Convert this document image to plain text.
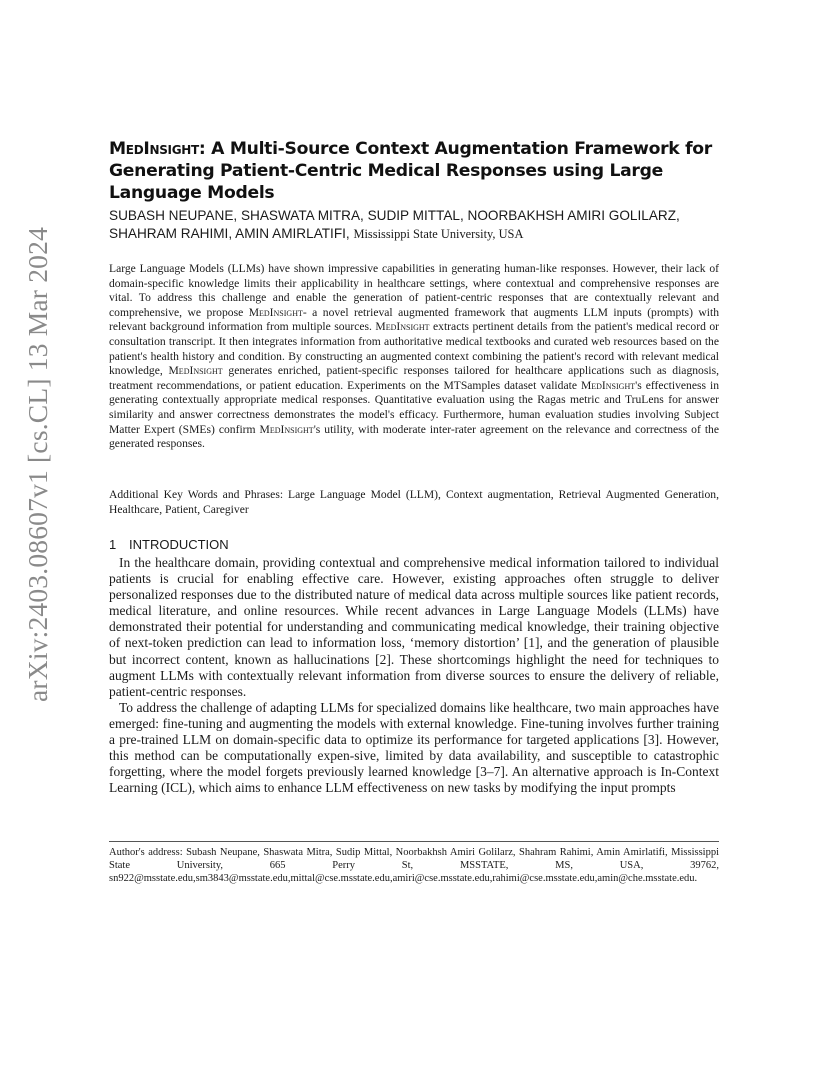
arXiv:2403.08607v1 [cs.CL] 13 Mar 2024
MedInsight: A Multi-Source Context Augmentation Framework for Generating Patient-Centric Medical Responses using Large Language Models
SUBASH NEUPANE, SHASWATA MITRA, SUDIP MITTAL, NOORBAKHSH AMIRI GOLILARZ, SHAHRAM RAHIMI, AMIN AMIRLATIFI, Mississippi State University, USA
Large Language Models (LLMs) have shown impressive capabilities in generating human-like responses. However, their lack of domain-specific knowledge limits their applicability in healthcare settings, where contextual and comprehensive responses are vital. To address this challenge and enable the generation of patient-centric responses that are contextually relevant and comprehensive, we propose MedInsight- a novel retrieval augmented framework that augments LLM inputs (prompts) with relevant background information from multiple sources. MedInsight extracts pertinent details from the patient's medical record or consultation transcript. It then integrates information from authoritative medical textbooks and curated web resources based on the patient's health history and condition. By constructing an augmented context combining the patient's record with relevant medical knowledge, MedInsight generates enriched, patient-specific responses tailored for healthcare applications such as diagnosis, treatment recommendations, or patient education. Experiments on the MTSamples dataset validate MedInsight's effectiveness in generating contextually appropriate medical responses. Quantitative evaluation using the Ragas metric and TruLens for answer similarity and answer correctness demonstrates the model's efficacy. Furthermore, human evaluation studies involving Subject Matter Expert (SMEs) confirm MedInsight's utility, with moderate inter-rater agreement on the relevance and correctness of the generated responses.
Additional Key Words and Phrases: Large Language Model (LLM), Context augmentation, Retrieval Augmented Generation, Healthcare, Patient, Caregiver
1 INTRODUCTION

In the healthcare domain, providing contextual and comprehensive medical information tailored to individual patients is crucial for enabling effective care. However, existing approaches often struggle to deliver personalized responses due to the distributed nature of medical data across multiple sources like patient records, medical literature, and online resources. While recent advances in Large Language Models (LLMs) have demonstrated their potential for understanding and communicating medical knowledge, their training objective of next-token prediction can lead to information loss, ‘memory distortion’ [1], and the generation of plausible but incorrect content, known as hallucinations [2]. These shortcomings highlight the need for techniques to augment LLMs with contextually relevant information from diverse sources to ensure the delivery of reliable, patient-centric responses.

To address the challenge of adapting LLMs for specialized domains like healthcare, two main approaches have emerged: fine-tuning and augmenting the models with external knowledge. Fine-tuning involves further training a pre-trained LLM on domain-specific data to optimize its performance for targeted applications [3]. However, this method can be computationally expen-sive, limited by data availability, and susceptible to catastrophic forgetting, where the model forgets previously learned knowledge [3–7]. An alternative approach is In-Context Learning (ICL), which aims to enhance LLM effectiveness on new tasks by modifying the input prompts

Author's address: Subash Neupane, Shaswata Mitra, Sudip Mittal, Noorbakhsh Amiri Golilarz, Shahram Rahimi, Amin Amirlatifi, Mississippi State University, 665 Perry St, MSSTATE, MS, USA, 39762, sn922@msstate.edu,sm3843@msstate.edu,mittal@cse.msstate.edu,amiri@cse.msstate.edu,rahimi@cse.msstate.edu,amin@che.msstate.edu.
